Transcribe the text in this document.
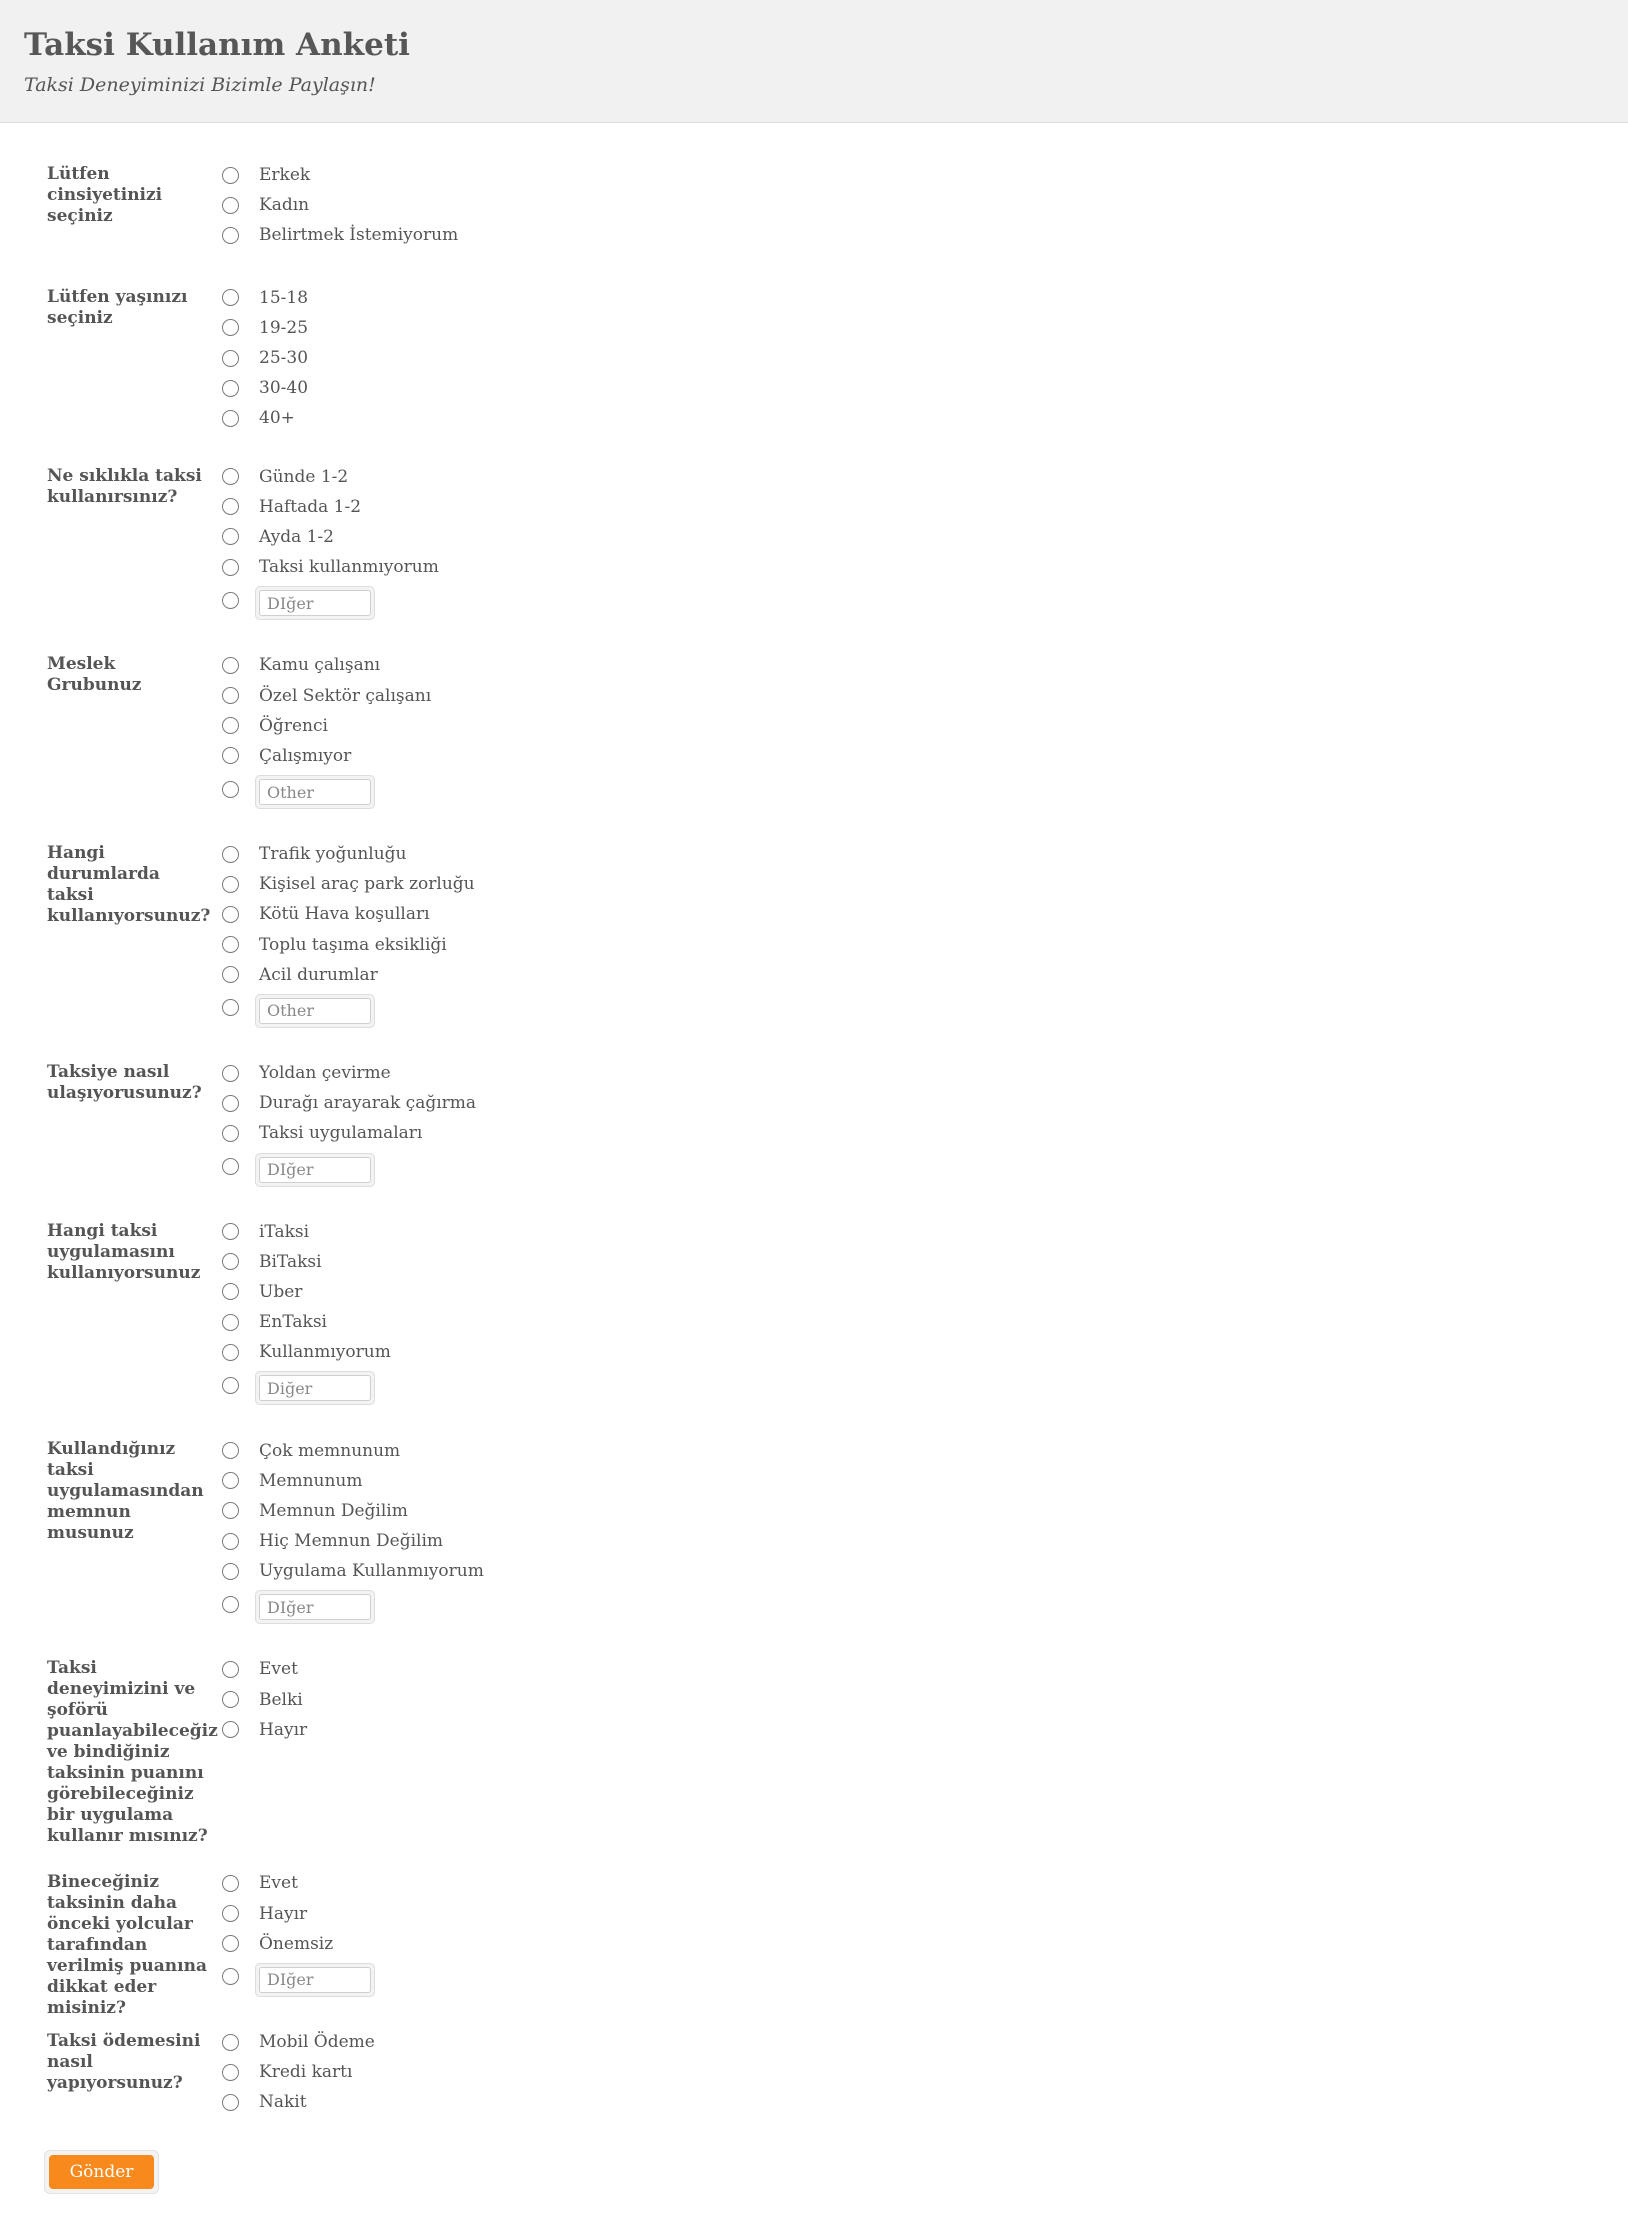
Taksi Kullanım Anketi

Taksi Deneyiminizi Bizimle Paylaşın!

Lütfen cinsiyetinizi seçiniz
Erkek
Kadın
Belirtmek İstemiyorum
Lütfen yaşınızı seçiniz
15-18
19-25
25-30
30-40
40+
Ne sıklıkla taksi kullanırsınız?
Günde 1-2
Haftada 1-2
Ayda 1-2
Taksi kullanmıyorum
DIğer
Meslek Grubunuz
Kamu çalışanı
Özel Sektör çalışanı
Öğrenci
Çalışmıyor
Other
Hangi durumlarda taksi kullanıyorsunuz?
Trafik yoğunluğu
Kişisel araç park zorluğu
Kötü Hava koşulları
Toplu taşıma eksikliği
Acil durumlar
Other
Taksiye nasıl ulaşıyorusunuz?
Yoldan çevirme
Durağı arayarak çağırma
Taksi uygulamaları
DIğer
Hangi taksi uygulamasını kullanıyorsunuz
iTaksi
BiTaksi
Uber
EnTaksi
Kullanmıyorum
Diğer
Kullandığınız taksi uygulamasından memnun musunuz
Çok memnunum
Memnunum
Memnun Değilim
Hiç Memnun Değilim
Uygulama Kullanmıyorum
DIğer
Taksi deneyimizini ve şoförü puanlayabileceğiz ve bindiğiniz taksinin puanını görebileceğiniz bir uygulama kullanır mısınız?
Evet
Belki
Hayır
Bineceğiniz taksinin daha önceki yolcular tarafından verilmiş puanına dikkat eder misiniz?
Evet
Hayır
Önemsiz
DIğer
Taksi ödemesini nasıl yapıyorsunuz?
Mobil Ödeme
Kredi kartı
Nakit
Gönder
